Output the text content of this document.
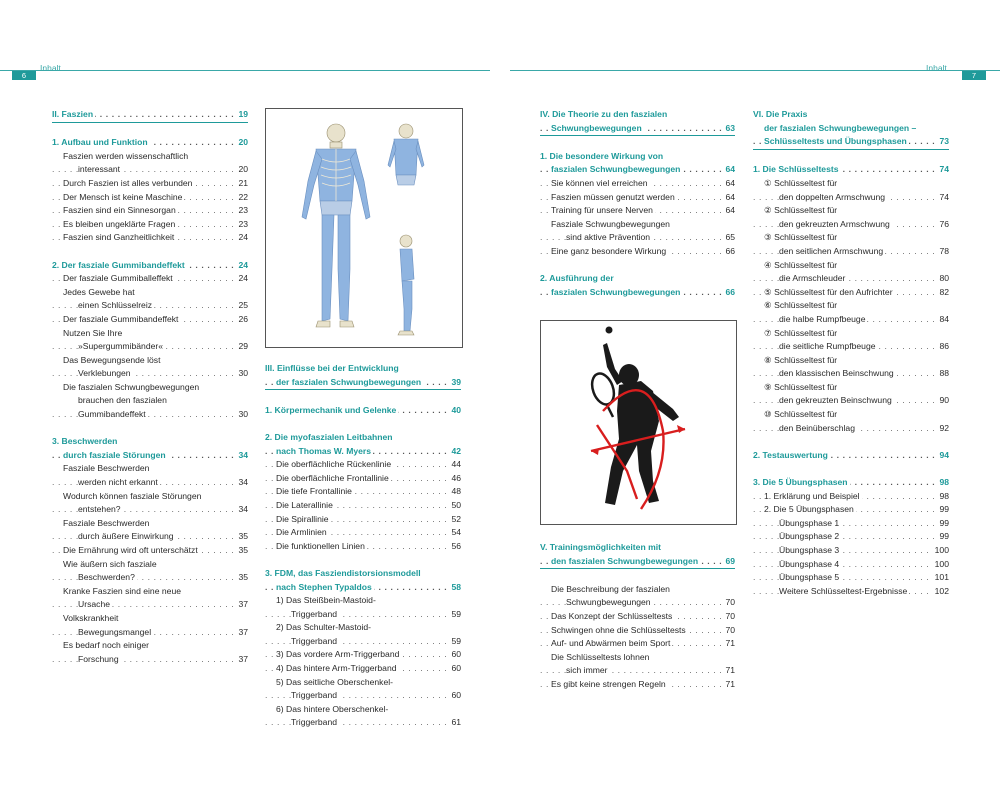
6
Inhalt	Inhalt
7
. . . II. Faszien	19
. . . 1. Aufbau und Funktion	20
Faszien werden wissenschaftlich
. . . interessant	20
. . . Durch Faszien ist alles verbunden	21
. . . Der Mensch ist keine Maschine	22
. . . Faszien sind ein Sinnesorgan	23
. . . Es bleiben ungeklärte Fragen	23
. . . Faszien sind Ganzheitlichkeit	24
. . . 2. Der fasziale Gummibandeffekt	24
. . . Der fasziale Gummiballeffekt	24
Jedes Gewebe hat
. . . einen Schlüsselreiz	25
. . . Der fasziale Gummibandeffekt	26
Nutzen Sie Ihre
. . . »Supergummibänder«	29
Das Bewegungsende löst
. . . Verklebungen	30
Die faszialen Schwungbewegungen
brauchen den faszialen
. . . Gummibandeffekt	30
3. Beschwerden
. . . durch fasziale Störungen	34
Fasziale Beschwerden
. . . werden nicht erkannt	34
Wodurch können fasziale Störungen
. . . entstehen?	34
Fasziale Beschwerden
. . . durch äußere Einwirkung	35
. . . Die Ernährung wird oft unterschätzt	35
Wie äußern sich fasziale
. . . Beschwerden?	35
Kranke Faszien sind eine neue
. . . Ursache	37
Volkskrankheit
. . . Bewegungsmangel	37
Es bedarf noch einiger
. . . Forschung	37
III. Einflüsse bei der Entwicklung
. . . der faszialen Schwungbewegungen	39
. . . 1. Körpermechanik und Gelenke	40
2. Die myofaszialen Leitbahnen
. . . nach Thomas W. Myers	42
. . . Die oberflächliche Rückenlinie	44
. . . Die oberflächliche Frontallinie	46
. . . Die tiefe Frontallinie	48
. . . Die Laterallinie	50
. . . Die Spirallinie	52
. . . Die Armlinien	54
. . . Die funktionellen Linien	56
3. FDM, das Fasziendistorsionsmodell
. . . nach Stephen Typaldos	58
1) Das Steißbein-Mastoid-
. . . Triggerband	59
2) Das Schulter-Mastoid-
. . . Triggerband	59
. . . 3) Das vordere Arm-Triggerband	60
. . . 4) Das hintere Arm-Triggerband	60
5) Das seitliche Oberschenkel-
. . . Triggerband	60
6) Das hintere Oberschenkel-
. . . Triggerband	61
IV. Die Theorie zu den faszialen
. . . Schwungbewegungen	63
1. Die besondere Wirkung von
. . . faszialen Schwungbewegungen	64
. . . Sie können viel erreichen	64
. . . Faszien müssen genutzt werden	64
. . . Training für unsere Nerven	64
Fasziale Schwungbewegungen
. . . sind aktive Prävention	65
. . . Eine ganz besondere Wirkung	66
2. Ausführung der
. . . faszialen Schwungbewegungen	66
V. Trainingsmöglichkeiten mit
. . . den faszialen Schwungbewegungen	69
Die Beschreibung der faszialen
. . . Schwungbewegungen	70
. . . Das Konzept der Schlüsseltests	70
. . . Schwingen ohne die Schlüsseltests	70
. . . Auf- und Abwärmen beim Sport	71
Die Schlüsseltests lohnen
. . . sich immer	71
. . . Es gibt keine strengen Regeln	71
VI. Die Praxis
der faszialen Schwungbewegungen –
. . . Schlüsseltests und Übungsphasen	73
. . . 1. Die Schlüsseltests	74
① Schlüsseltest für
. . . den doppelten Armschwung	74
② Schlüsseltest für
. . . den gekreuzten Armschwung	76
③ Schlüsseltest für
. . . den seitlichen Armschwung	78
④ Schlüsseltest für
. . . die Armschleuder	80
. . . ⑤ Schlüsseltest für den Aufrichter	82
⑥ Schlüsseltest für
. . . die halbe Rumpfbeuge	84
⑦ Schlüsseltest für
. . . die seitliche Rumpfbeuge	86
⑧ Schlüsseltest für
. . . den klassischen Beinschwung	88
⑨ Schlüsseltest für
. . . den gekreuzten Beinschwung	90
⑩ Schlüsseltest für
. . . den Beinüberschlag	92
. . . 2. Testauswertung	94
. . . 3. Die 5 Übungsphasen	98
. . . 1. Erklärung und Beispiel	98
. . . 2. Die 5 Übungsphasen	99
. . . Übungsphase 1	99
. . . Übungsphase 2	99
. . . Übungsphase 3	100
. . . Übungsphase 4	100
. . . Übungsphase 5	101
. . . Weitere Schlüsseltest-Ergebnisse	102
